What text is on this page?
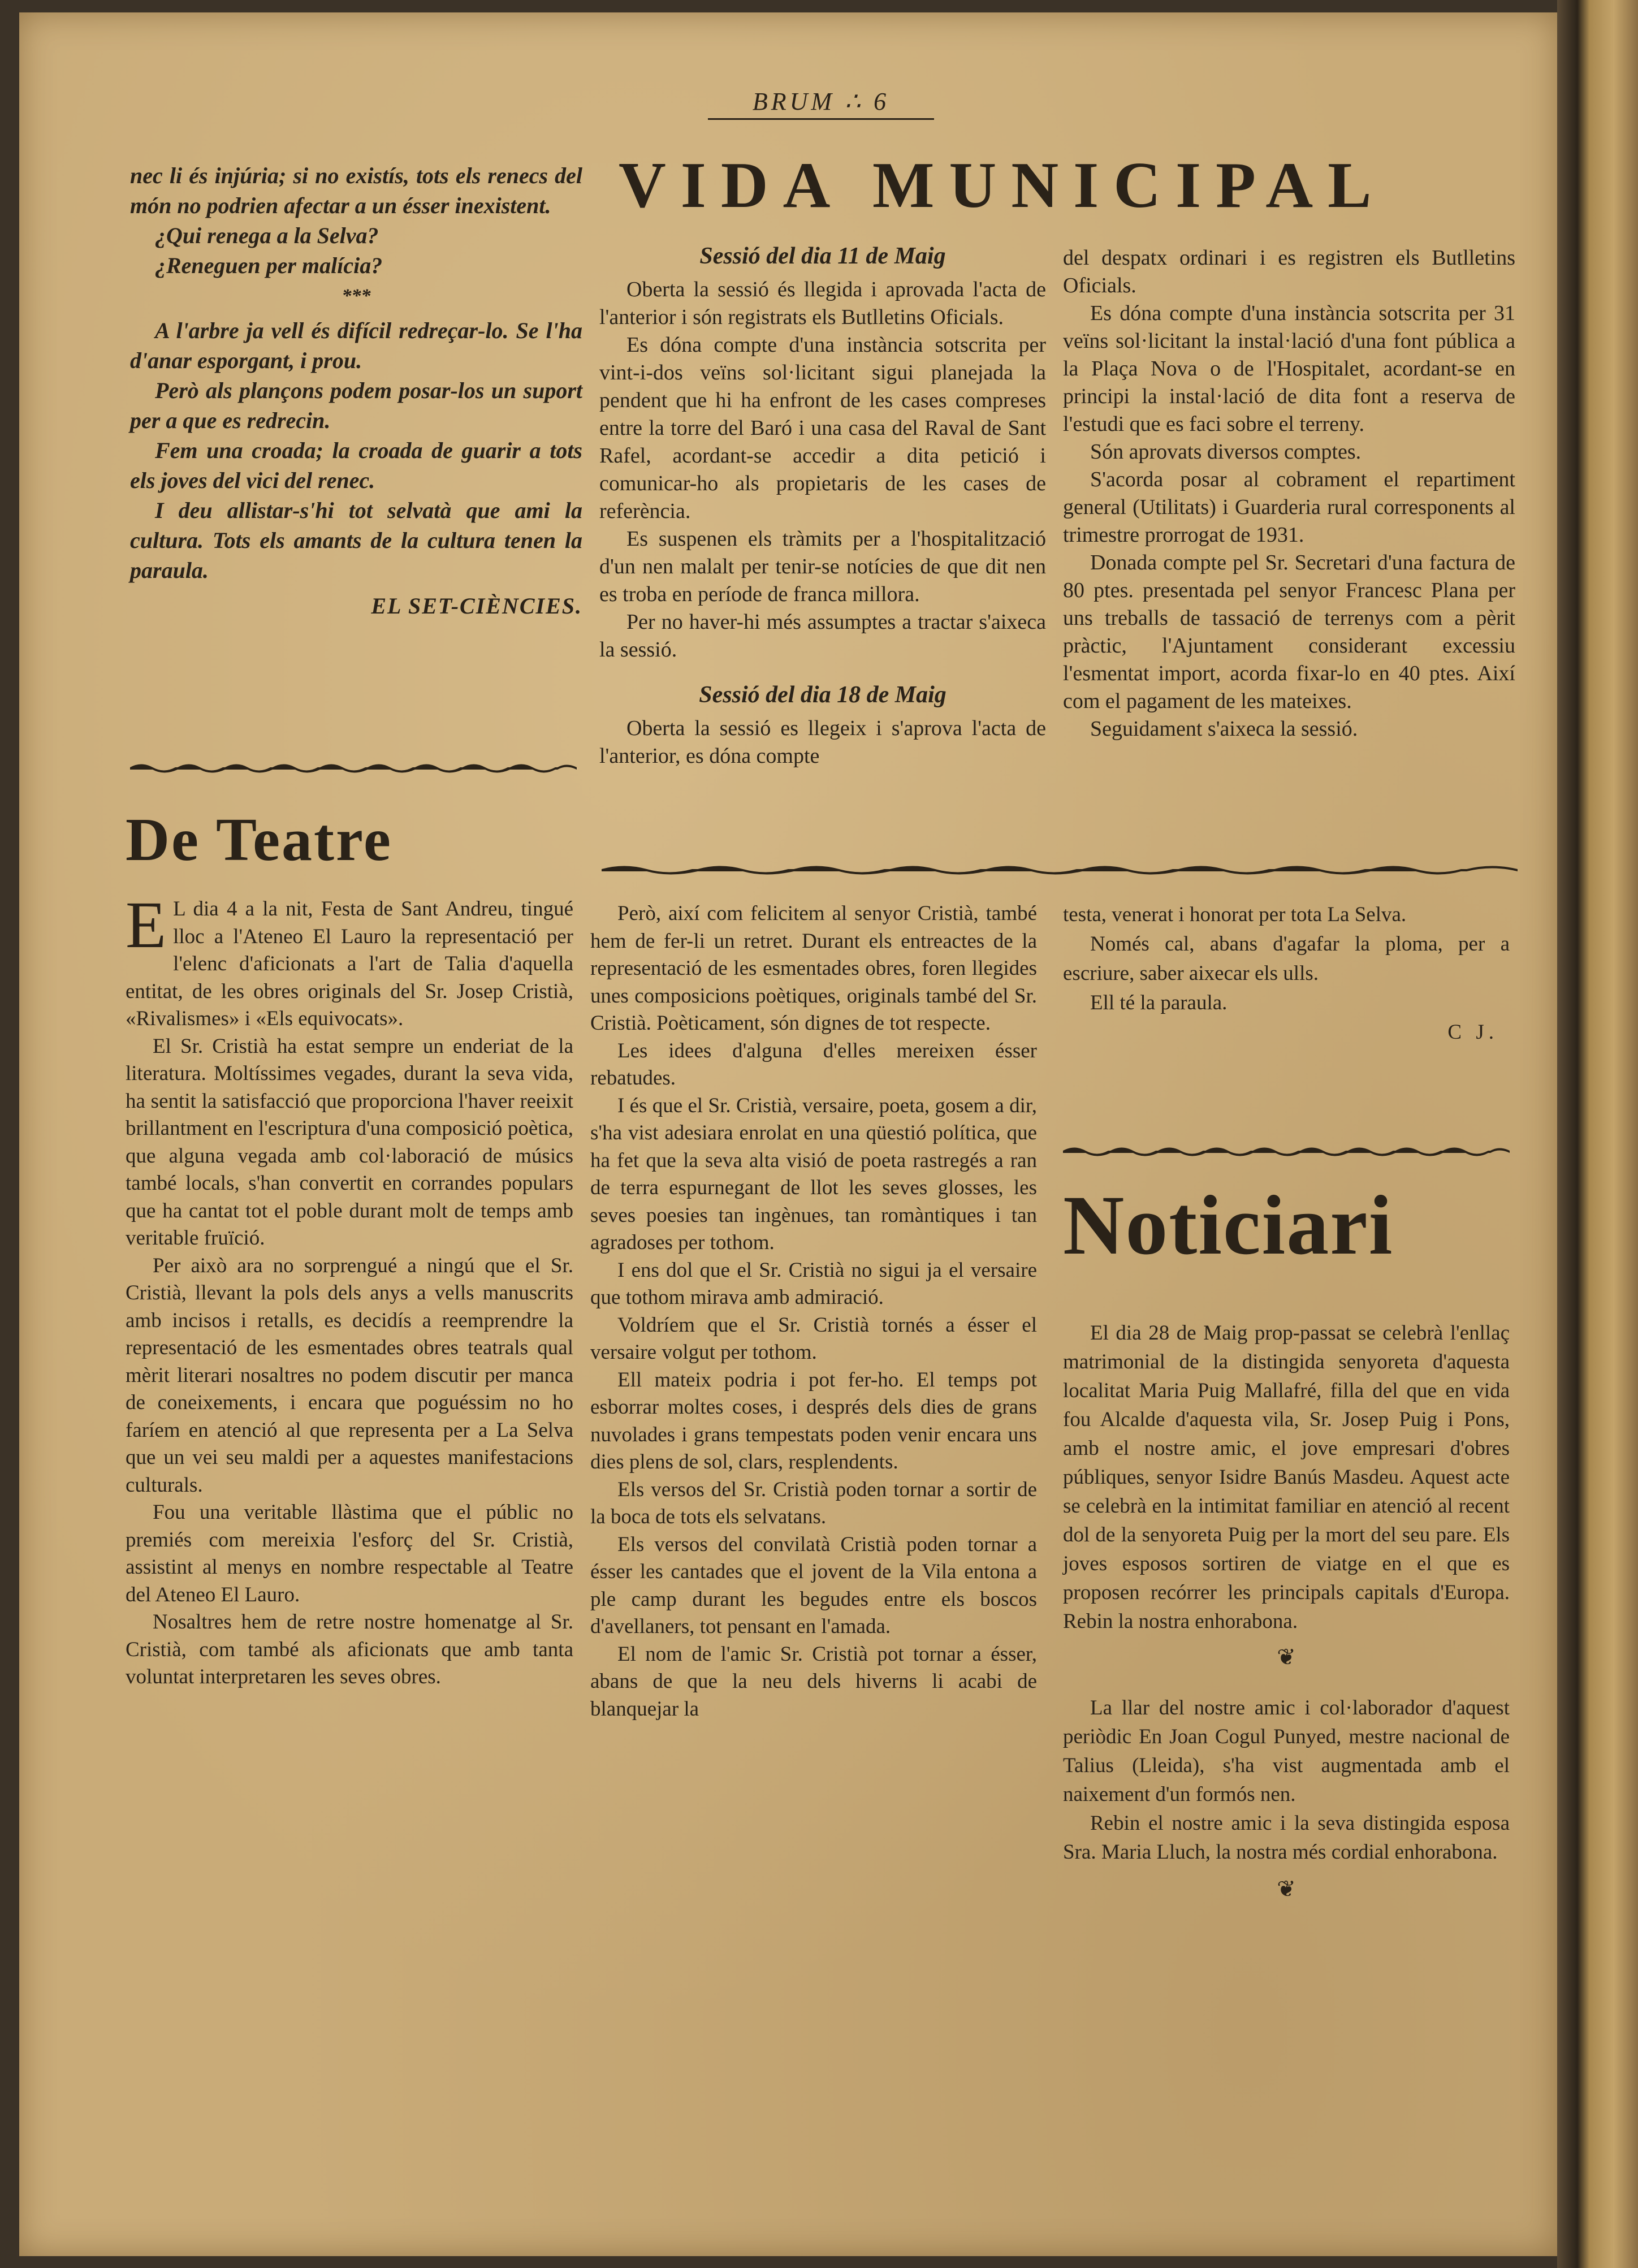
BRUM ∴ 6

nec li és injúria; si no existís, tots els renecs del món no podrien afectar a un ésser inexistent.

¿Qui renega a la Selva?

¿Reneguen per malícia?

***

A l'arbre ja vell és difícil redreçar-lo. Se l'ha d'anar esporgant, i prou.

Però als plançons podem posar-los un suport per a que es redrecin.

Fem una croada; la croada de guarir a tots els joves del vici del renec.

I deu allistar-s'hi tot selvatà que ami la cultura. Tots els amants de la cultura tenen la paraula.

EL SET-CIÈNCIES.

VIDA MUNICIPAL
Sessió del dia 11 de Maig

Oberta la sessió és llegida i aprovada l'acta de l'anterior i són registrats els Butlletins Oficials.

Es dóna compte d'una instància sotscrita per vint-i-dos veïns sol·licitant sigui planejada la pendent que hi ha enfront de les cases compreses entre la torre del Baró i una casa del Raval de Sant Rafel, acordant-se accedir a dita petició i comunicar-ho als propietaris de les cases de referència.

Es suspenen els tràmits per a l'hospitalització d'un nen malalt per tenir-se notícies de que dit nen es troba en període de franca millora.

Per no haver-hi més assumptes a tractar s'aixeca la sessió.

Sessió del dia 18 de Maig

Oberta la sessió es llegeix i s'aprova l'acta de l'anterior, es dóna compte

del despatx ordinari i es registren els Butlletins Oficials.

Es dóna compte d'una instància sotscrita per 31 veïns sol·licitant la instal·lació d'una font pública a la Plaça Nova o de l'Hospitalet, acordant-se en principi la instal·lació de dita font a reserva de l'estudi que es faci sobre el terreny.

Són aprovats diversos comptes.

S'acorda posar al cobrament el repartiment general (Utilitats) i Guarderia rural corresponents al trimestre prorrogat de 1931.

Donada compte pel Sr. Secretari d'una factura de 80 ptes. presentada pel senyor Francesc Plana per uns treballs de tassació de terrenys com a pèrit pràctic, l'Ajuntament considerant excessiu l'esmentat import, acorda fixar-lo en 40 ptes. Així com el pagament de les mateixes.

Seguidament s'aixeca la sessió.

De Teatre

E L dia 4 a la nit, Festa de Sant Andreu, tingué lloc a l'Ateneo El Lauro la representació per l'elenc d'aficionats a l'art de Talia d'aquella entitat, de les obres originals del Sr. Josep Cristià, «Rivalismes» i «Els equivocats».

El Sr. Cristià ha estat sempre un enderiat de la literatura. Moltíssimes vegades, durant la seva vida, ha sentit la satisfacció que proporciona l'haver reeixit brillantment en l'escriptura d'una composició poètica, que alguna vegada amb col·laboració de músics també locals, s'han convertit en corrandes populars que ha cantat tot el poble durant molt de temps amb veritable fruïció.

Per això ara no sorprengué a ningú que el Sr. Cristià, llevant la pols dels anys a vells manuscrits amb incisos i retalls, es decidís a reemprendre la representació de les esmentades obres teatrals qual mèrit literari nosaltres no podem discutir per manca de coneixements, i encara que poguéssim no ho faríem en atenció al que representa per a La Selva que un vei seu maldi per a aquestes manifestacions culturals.

Fou una veritable llàstima que el públic no premiés com mereixia l'esforç del Sr. Cristià, assistint al menys en nombre respectable al Teatre del Ateneo El Lauro.

Nosaltres hem de retre nostre homenatge al Sr. Cristià, com també als aficionats que amb tanta voluntat interpretaren les seves obres.

Però, així com felicitem al senyor Cristià, també hem de fer-li un retret. Durant els entreactes de la representació de les esmentades obres, foren llegides unes composicions poètiques, originals també del Sr. Cristià. Poèticament, són dignes de tot respecte.

Les idees d'alguna d'elles mereixen ésser rebatudes.

I és que el Sr. Cristià, versaire, poeta, gosem a dir, s'ha vist adesiara enrolat en una qüestió política, que ha fet que la seva alta visió de poeta rastregés a ran de terra espurnegant de llot les seves glosses, les seves poesies tan ingènues, tan romàntiques i tan agradoses per tothom.

I ens dol que el Sr. Cristià no sigui ja el versaire que tothom mirava amb admiració.

Voldríem que el Sr. Cristià tornés a ésser el versaire volgut per tothom.

Ell mateix podria i pot fer-ho. El temps pot esborrar moltes coses, i després dels dies de grans nuvolades i grans tempestats poden venir encara uns dies plens de sol, clars, resplendents.

Els versos del Sr. Cristià poden tornar a sortir de la boca de tots els selvatans.

Els versos del convilatà Cristià poden tornar a ésser les cantades que el jovent de la Vila entona a ple camp durant les begudes entre els boscos d'avellaners, tot pensant en l'amada.

El nom de l'amic Sr. Cristià pot tornar a ésser, abans de que la neu dels hiverns li acabi de blanquejar la

testa, venerat i honorat per tota La Selva.

Només cal, abans d'agafar la ploma, per a escriure, saber aixecar els ulls.

Ell té la paraula.

C J.

Noticiari

El dia 28 de Maig prop-passat se celebrà l'enllaç matrimonial de la distingida senyoreta d'aquesta localitat Maria Puig Mallafré, filla del que en vida fou Alcalde d'aquesta vila, Sr. Josep Puig i Pons, amb el nostre amic, el jove empresari d'obres públiques, senyor Isidre Banús Masdeu. Aquest acte se celebrà en la intimitat familiar en atenció al recent dol de la senyoreta Puig per la mort del seu pare. Els joves esposos sortiren de viatge en el que es proposen recórrer les principals capitals d'Europa. Rebin la nostra enhorabona.

❦

La llar del nostre amic i col·laborador d'aquest periòdic En Joan Cogul Punyed, mestre nacional de Talius (Lleida), s'ha vist augmentada amb el naixement d'un formós nen.

Rebin el nostre amic i la seva distingida esposa Sra. Maria Lluch, la nostra més cordial enhorabona.

❦
